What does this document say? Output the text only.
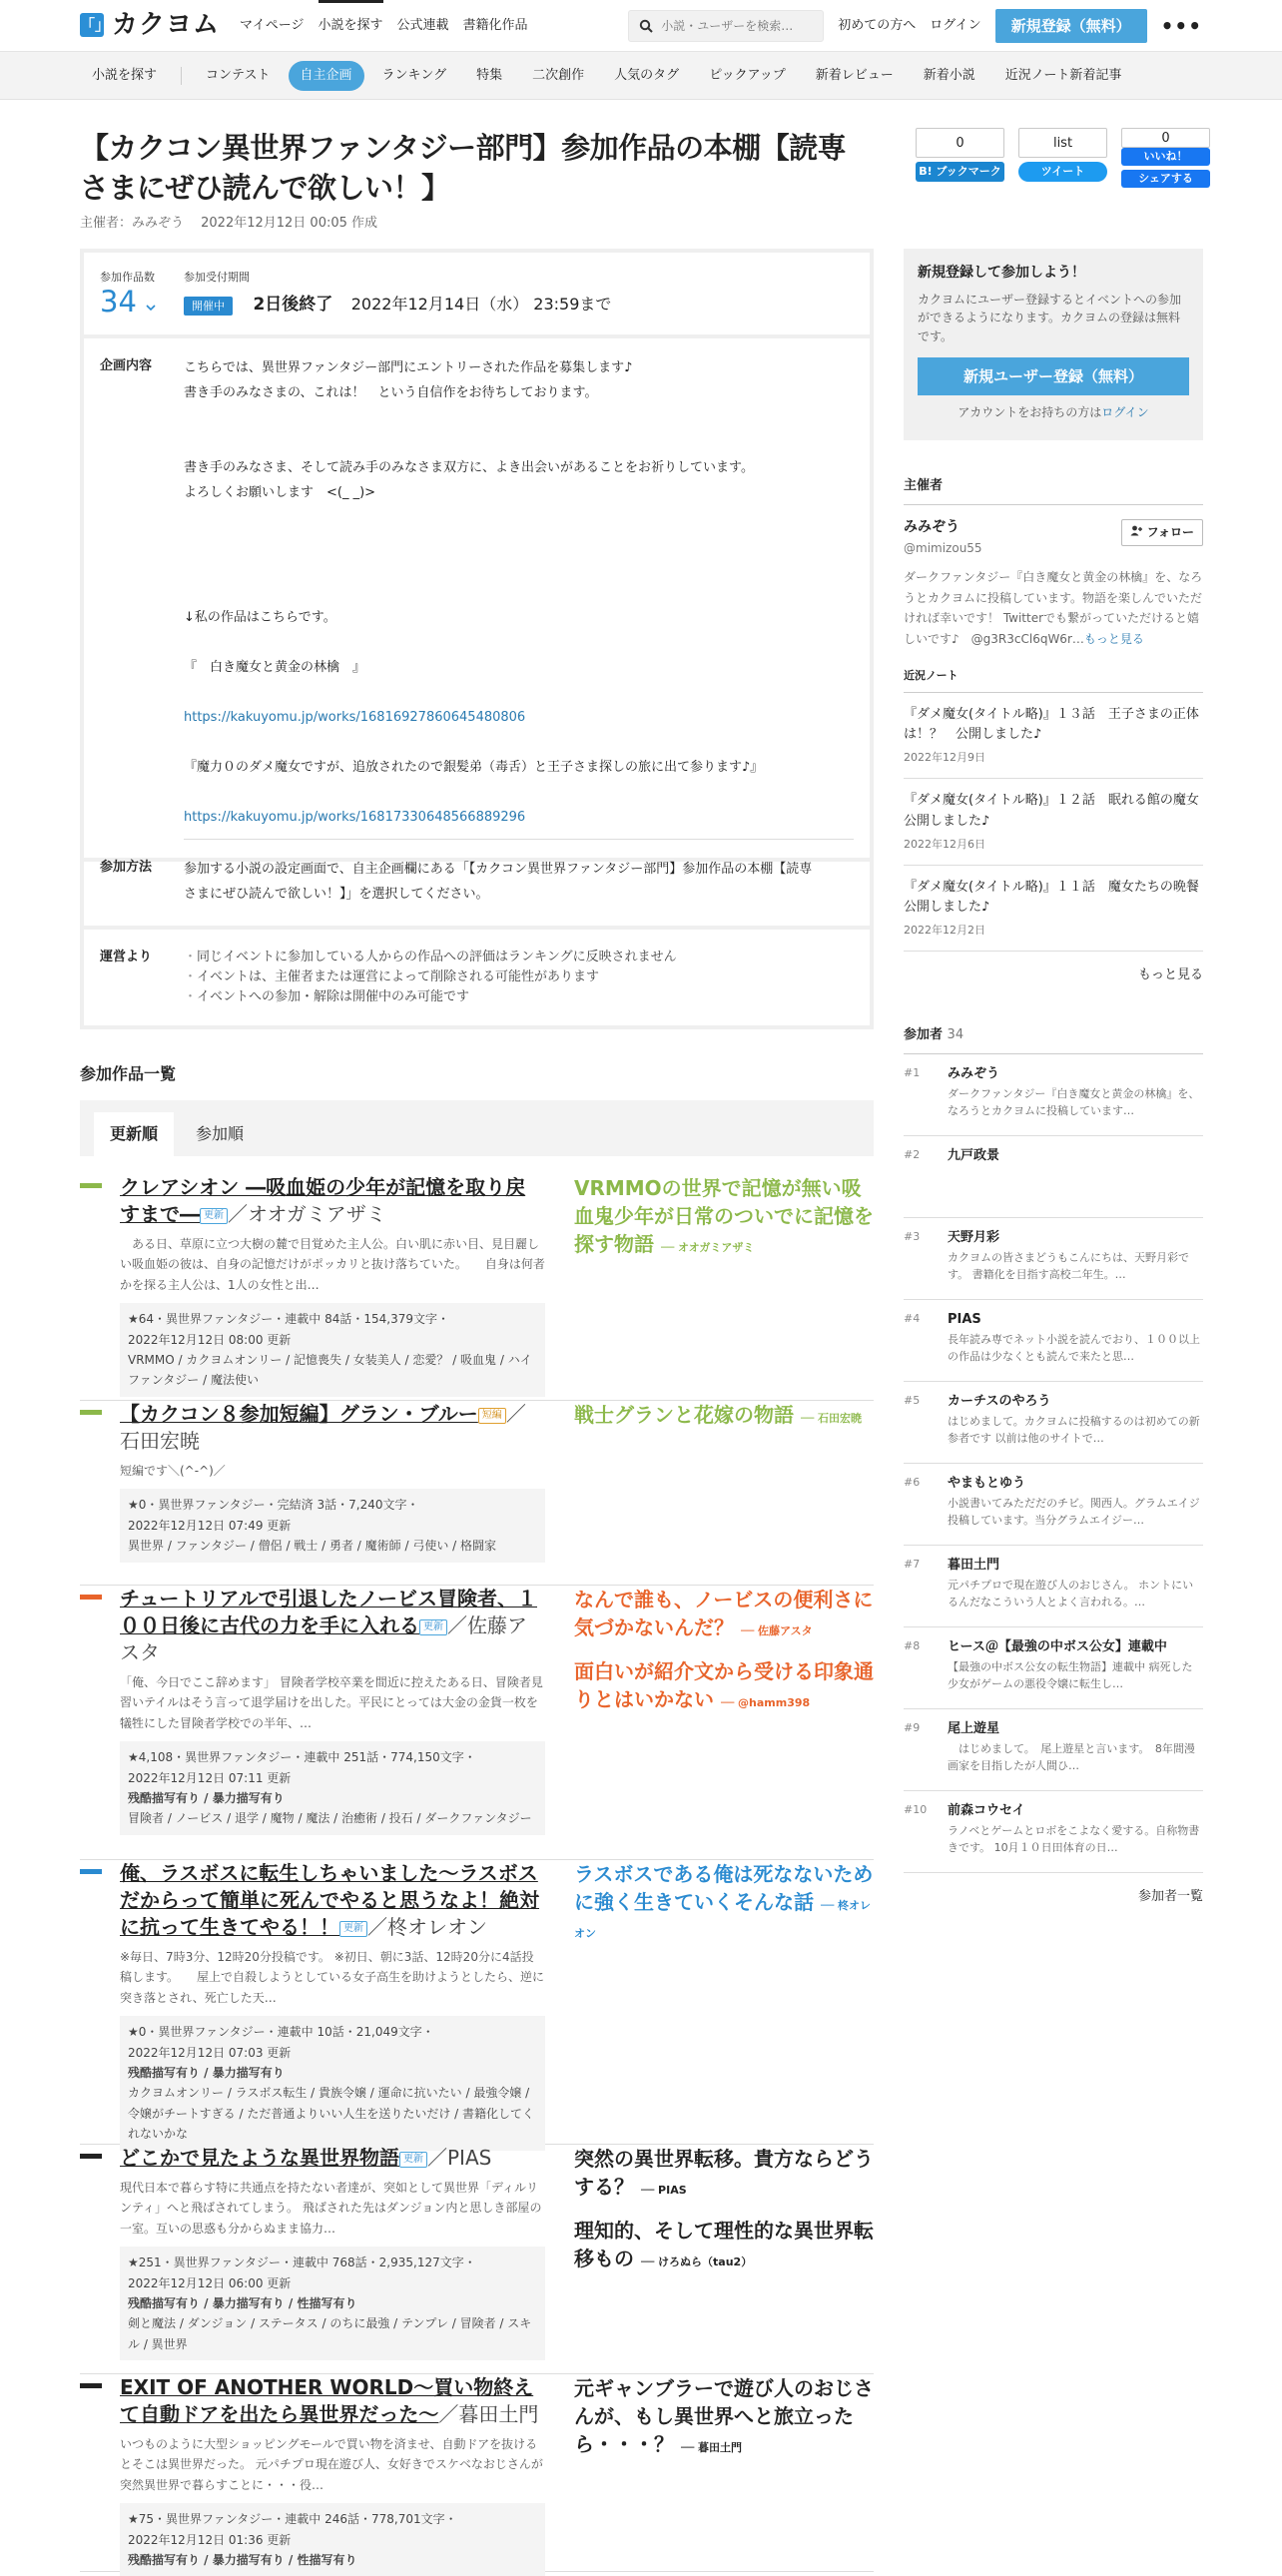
「」 カクヨム マイページ 小説を探す 公式連載 書籍化作品
小説・ユーザーを検索…	初めての方へ ログイン	新規登録（無料）	•••
小説を探す	コンテスト	自主企画	ランキング	特集	二次創作	人気のタグ	ピックアップ	新着レビュー	新着小説	近況ノート新着記事
【カクコン異世界ファンタジー部門】参加作品の本棚【読専さまにぜひ読んで欲しい！】
主催者：みみぞう　 2022年12月12日 00:05 作成
0
B! ブックマーク
list
ツイート
0
いいね！
シェアする
参加作品数
34
参加受付期間
開催中 2日後終了 2022年12月14日（水） 23:59まで
企画内容	こちらでは、異世界ファンタジー部門にエントリーされた作品を募集します♪

書き手のみなさまの、これは！　という自信作をお待ちしております。

書き手のみなさま、そして読み手のみなさま双方に、よき出会いがあることをお祈りしています。

よろしくお願いします　<(_ _)>

↓私の作品はこちらです。

『　白き魔女と黄金の林檎　』

https://kakuyomu.jp/works/16816927860645480806

『魔力０のダメ魔女ですが、追放されたので銀髪弟（毒舌）と王子さま探しの旅に出て参ります♪』

https://kakuyomu.jp/works/16817330648566889296

参加方法	参加する小説の設定画面で、自主企画欄にある「【カクコン異世界ファンタジー部門】参加作品の本棚【読専さまにぜひ読んで欲しい！】」を選択してください。
運営より
・	同じイベントに参加している人からの作品への評価はランキングに反映されません
・ イベントは、主催者または運営によって削除される可能性があります
・ イベントへの参加・解除は開催中のみ可能です
参加作品一覧
更新順	参加順
クレアシオン ―吸血姫の少年が記憶を取り戻すまで― 更新 ／オオガミアザミ
　ある日、草原に立つ大樹の麓で目覚めた主人公。白い肌に赤い目、見目麗しい吸血姫の彼は、自身の記憶だけがポッカリと抜け落ちていた。　　自身は何者かを探る主人公は、1人の女性と出…
★64・異世界ファンタジー・連載中 84話・154,379文字・
2022年12月12日 08:00 更新
VRMMO / カクヨムオンリー / 記憶喪失 / 女装美人 / 恋愛？ / 吸血鬼 / ハイファンタジー / 魔法使い
VRMMOの世界で記憶が無い吸血鬼少年が日常のついでに記憶を探す物語 ── オオガミアザミ
【カクコン８参加短編】グラン・ブルー 短編 ／石田宏暁
短編です＼(^-^)／
★0・異世界ファンタジー・完結済 3話・7,240文字・
2022年12月12日 07:49 更新
異世界 / ファンタジー / 僧侶 / 戦士 / 勇者 / 魔術師 / 弓使い / 格闘家
戦士グランと花嫁の物語 ── 石田宏暁
チュートリアルで引退したノービス冒険者、１００日後に古代の力を手に入れる 更新 ／佐藤アスタ
「俺、今日でここ辞めます」 冒険者学校卒業を間近に控えたある日、冒険者見習いテイルはそう言って退学届けを出した。平民にとっては大金の金貨一枚を犠牲にした冒険者学校での半年、…
★4,108・異世界ファンタジー・連載中 251話・774,150文字・
2022年12月12日 07:11 更新
残酷描写有り / 暴力描写有り
冒険者 / ノービス / 退学 / 魔物 / 魔法 / 治癒術 / 投石 / ダークファンタジー
なんで誰も、ノービスの便利さに気づかないんだ？ ── 佐藤アスタ
面白いが紹介文から受ける印象通りとはいかない ── @hamm398
俺、ラスボスに転生しちゃいました〜ラスボスだからって簡単に死んでやると思うなよ！絶対に抗って生きてやる！！ 更新 ／柊オレオン
※毎日、7時3分、12時20分投稿です。 ※初日、朝に3話、12時20分に4話投稿します。　　屋上で自殺しようとしている女子高生を助けようとしたら、逆に突き落とされ、死亡した天…
★0・異世界ファンタジー・連載中 10話・21,049文字・
2022年12月12日 07:03 更新
残酷描写有り / 暴力描写有り
カクヨムオンリー / ラスボス転生 / 貴族令嬢 / 運命に抗いたい / 最強令嬢 / 令嬢がチートすぎる / ただ普通よりいい人生を送りたいだけ / 書籍化してくれないかな
ラスボスである俺は死なないために強く生きていくそんな話 ── 柊オレオン
どこかで見たような異世界物語 更新 ／PIAS
現代日本で暮らす特に共通点を持たない者達が、突如として異世界「ディルリンティ」へと飛ばされてしまう。 飛ばされた先はダンジョン内と思しき部屋の一室。互いの思惑も分からぬまま協力…
★251・異世界ファンタジー・連載中 768話・2,935,127文字・
2022年12月12日 06:00 更新
残酷描写有り / 暴力描写有り / 性描写有り
剣と魔法 / ダンジョン / ステータス / のちに最強 / テンプレ / 冒険者 / スキル / 異世界
突然の異世界転移。貴方ならどうする？ ── PIAS
理知的、そして理性的な異世界転移もの ── けろぬら（tau2）
EXIT OF ANOTHER WORLD～買い物終えて自動ドアを出たら異世界だった～／暮田土門
いつものように大型ショッピングモールで買い物を済ませ、自動ドアを抜けるとそこは異世界だった。 元パチプロ現在遊び人、女好きでスケベなおじさんが突然異世界で暮らすことに・・・役…
★75・異世界ファンタジー・連載中 246話・778,701文字・
2022年12月12日 01:36 更新
残酷描写有り / 暴力描写有り / 性描写有り
元ギャンブラーで遊び人のおじさんが、もし異世界へと旅立ったら・・・？ ── 暮田土門
新規登録して参加しよう！
カクヨムにユーザー登録するとイベントへの参加ができるようになります。カクヨムの登録は無料です。
新規ユーザー登録（無料）
アカウントをお持ちの方はログイン
主催者
フォロー
みみぞう
@mimizou55
ダークファンタジー『白き魔女と黄金の林檎』を、なろうとカクヨムに投稿しています。物語を楽しんでいただければ幸いです！ Twitterでも繋がっていただけると嬉しいです♪　@g3R3cCl6qW6r…もっと見る
近況ノート
『ダメ魔女(タイトル略)』１３話　王子さまの正体は！？　公開しました♪
2022年12月9日
『ダメ魔女(タイトル略)』１２話　眠れる館の魔女　公開しました♪
2022年12月6日
『ダメ魔女(タイトル略)』１１話　魔女たちの晩餐　公開しました♪
2022年12月2日
もっと見る
参加者 34
#1	みみぞう
ダークファンタジー『白き魔女と黄金の林檎』を、なろうとカクヨムに投稿しています…
#2	九戸政景
#3	天野月彩
カクヨムの皆さまどうもこんにちは、天野月彩です。 書籍化を目指す高校二年生。…
#4	PIAS
長年読み専でネット小説を読んでおり、１００以上の作品は少なくとも読んで来たと思…
#5	カーチスのやろう
はじめまして。カクヨムに投稿するのは初めての新参者です 以前は他のサイトで…
#6	やまもとゆう
小説書いてみただだのチビ。関西人。グラムエイジ投稿しています。当分グラムエイジー…
#7	暮田土門
元パチプロで現在遊び人のおじさん。 ホントにいるんだなこういう人とよく言われる。…
#8	ヒース＠【最強の中ボス公女】連載中
【最強の中ボス公女の転生物語】連載中 病死した少女がゲームの悪役令嬢に転生し…
#9	尾上遊星
　はじめまして。　尾上遊星と言います。　8年間漫画家を目指したが人間ひ…
#10	前森コウセイ
ラノベとゲームとロボをこよなく愛する。自称物書きです。 10月１０日田体育の日…
参加者一覧
